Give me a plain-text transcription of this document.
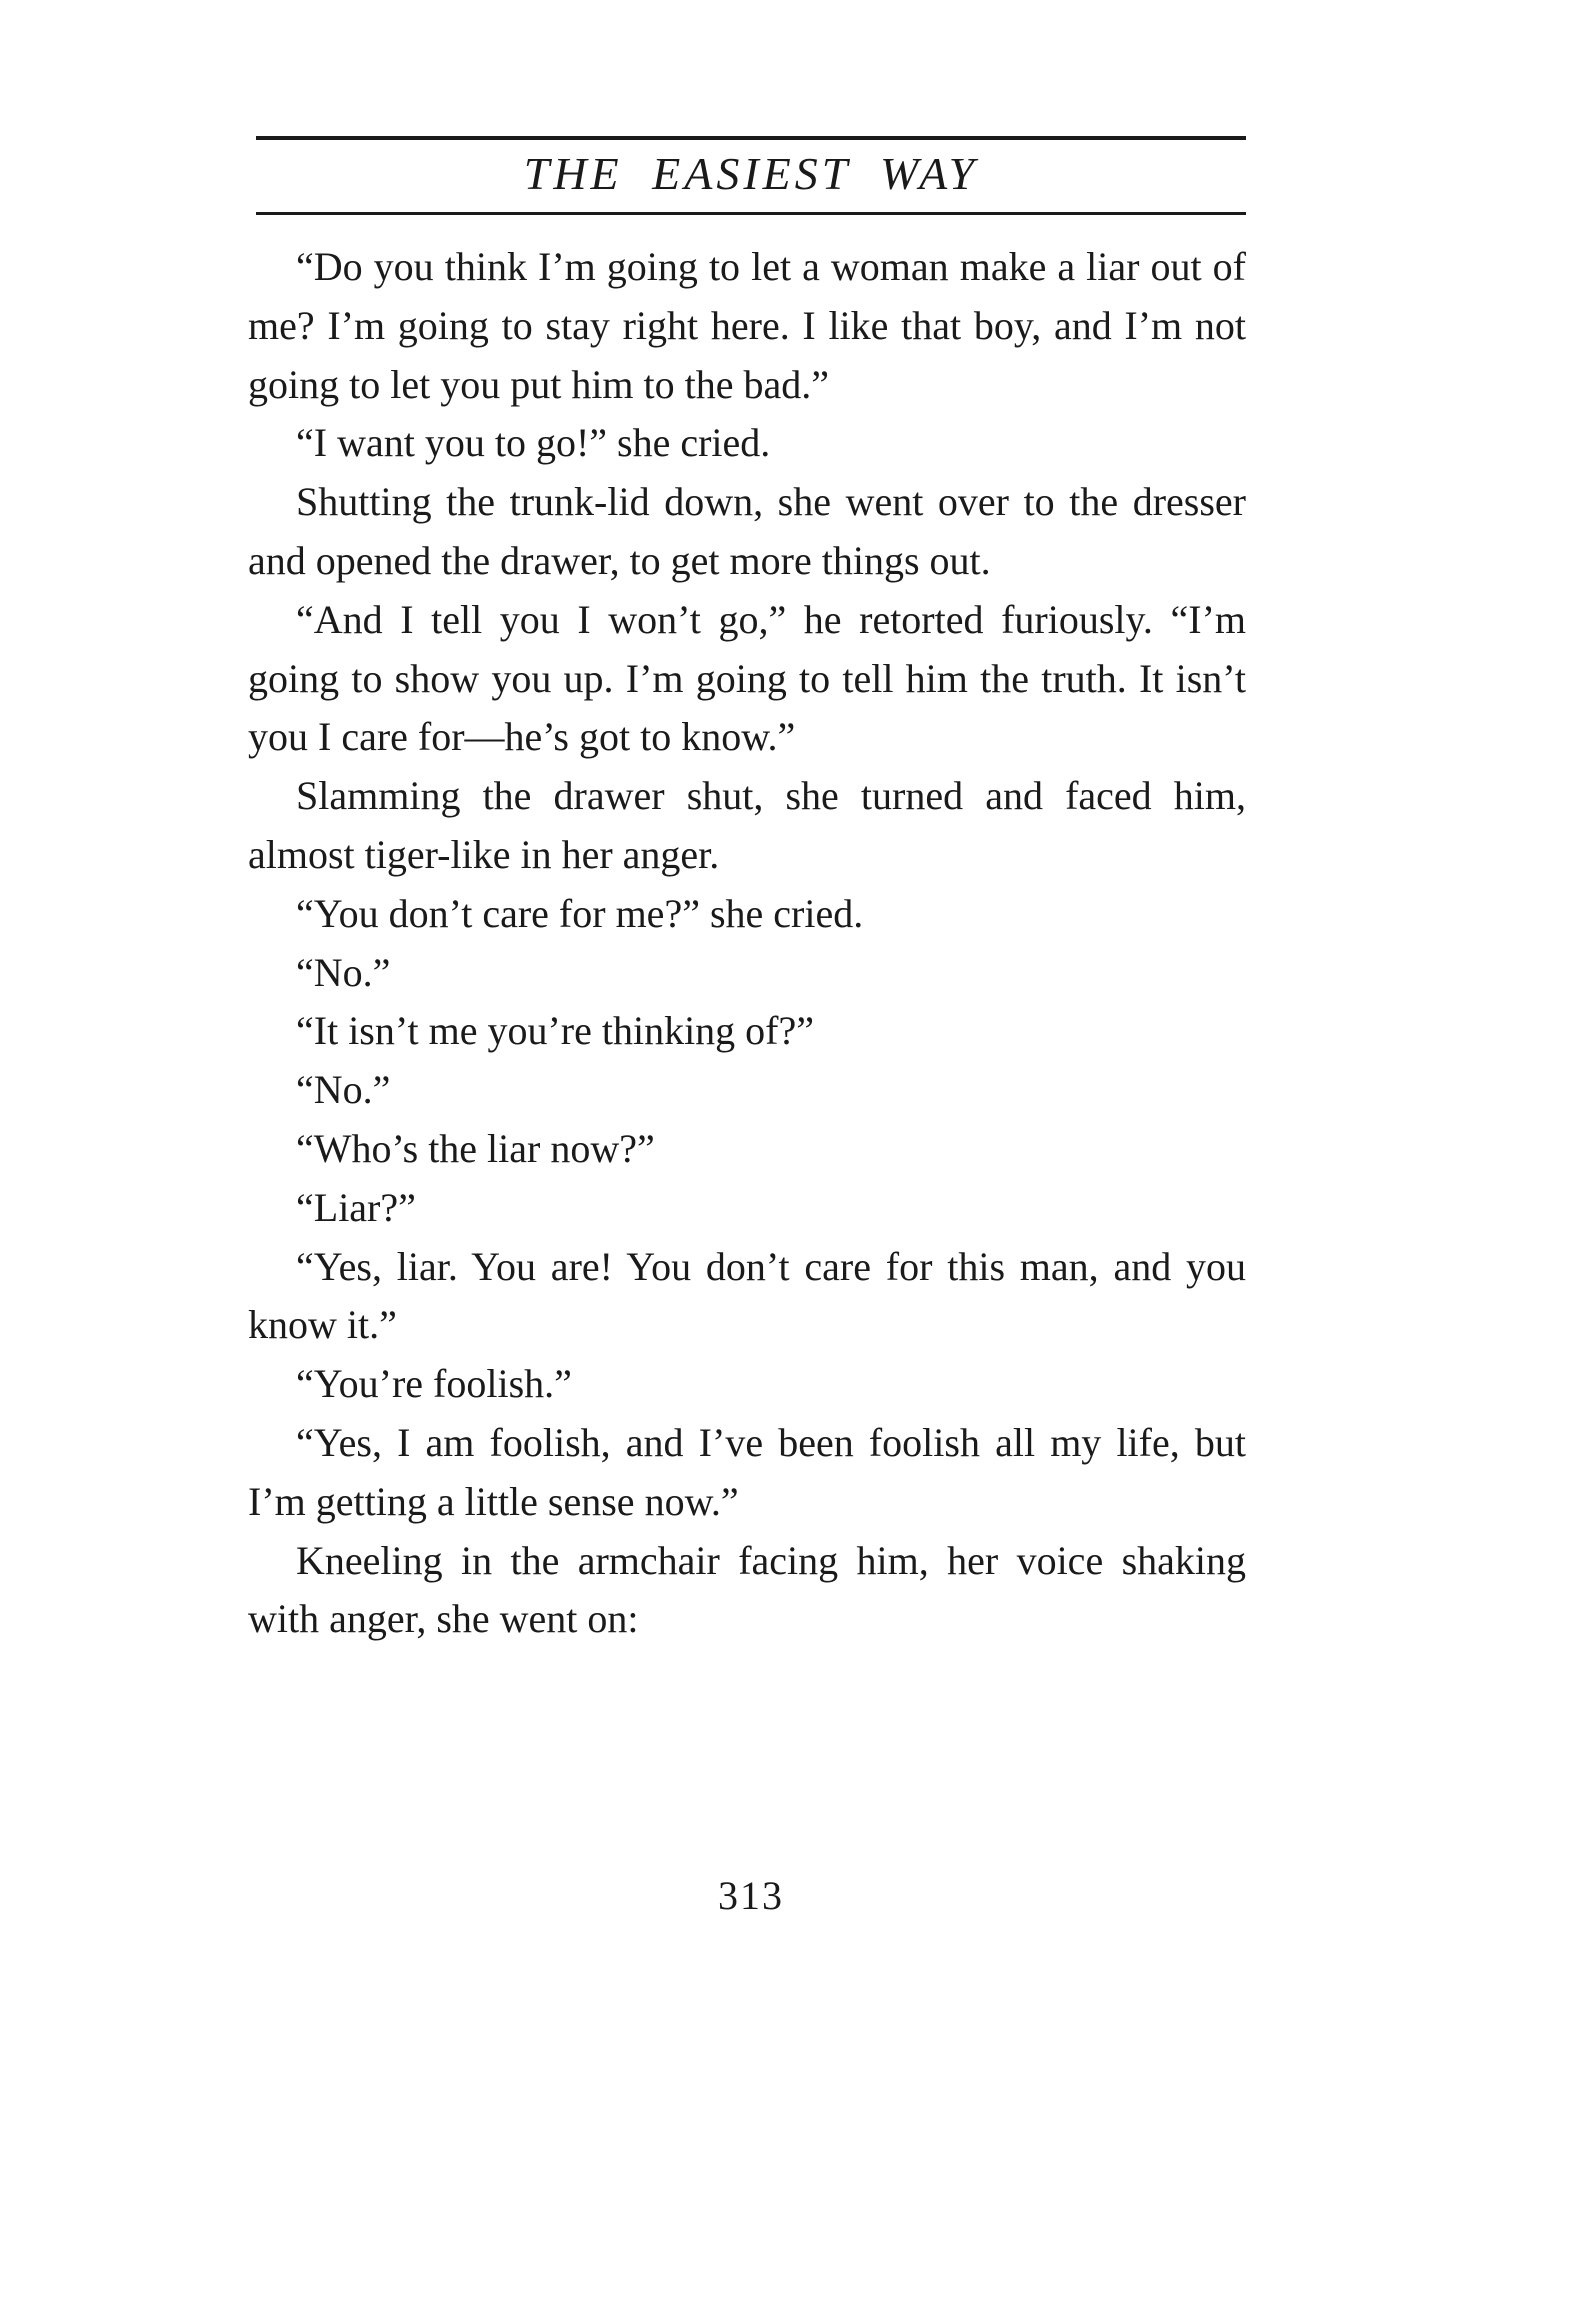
THE EASIEST WAY

“Do you think I’m going to let a woman make a liar out of me? I’m going to stay right here. I like that boy, and I’m not going to let you put him to the bad.”

“I want you to go!” she cried.

Shutting the trunk-lid down, she went over to the dresser and opened the drawer, to get more things out.

“And I tell you I won’t go,” he retorted furiously. “I’m going to show you up. I’m going to tell him the truth. It isn’t you I care for—he’s got to know.”

Slamming the drawer shut, she turned and faced him, almost tiger-like in her anger.

“You don’t care for me?” she cried.

“No.”

“It isn’t me you’re thinking of?”

“No.”

“Who’s the liar now?”

“Liar?”

“Yes, liar. You are! You don’t care for this man, and you know it.”

“You’re foolish.”

“Yes, I am foolish, and I’ve been foolish all my life, but I’m getting a little sense now.”

Kneeling in the armchair facing him, her voice shaking with anger, she went on:

313
